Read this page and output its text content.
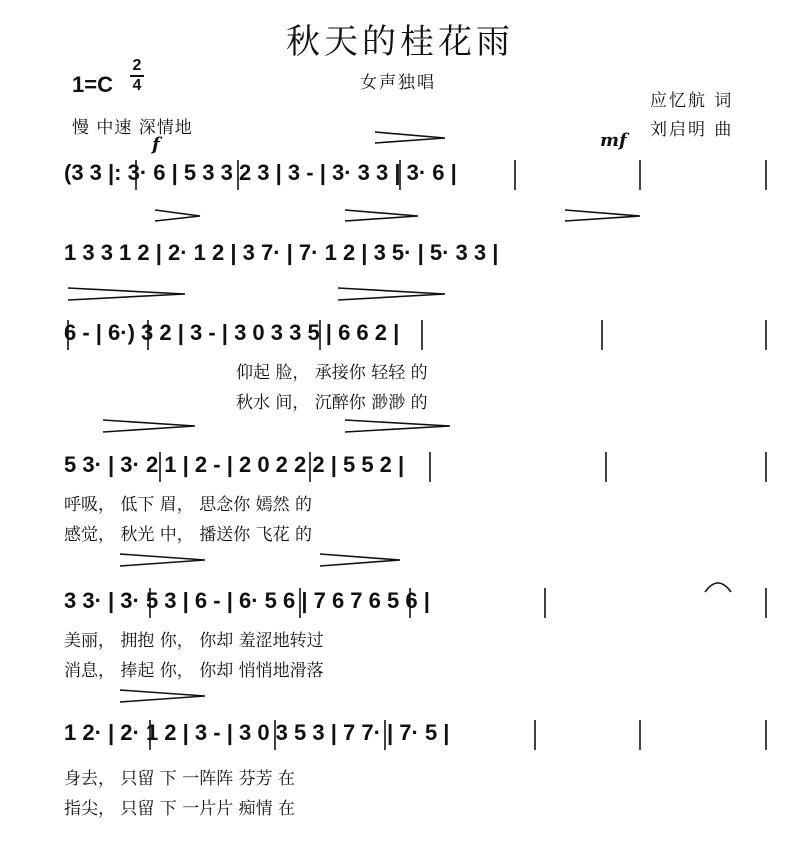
秋天的桂花雨
女声独唱
1=C
2
4
慢 中速 深情地
应忆航 词
刘启明 曲
f	mf
(3 3 |: 3· 6 | 5 3 3 2 3 | 3 - | 3· 3 3 | 3· 6 |
1 3 3 1 2 | 2· 1 2 | 3 7· | 7· 1 2 | 3 5· | 5· 3 3 |
6 - | 6·) 3 2 | 3 - | 3 0 3 3 5 | 6 6 2 |
仰起 脸， 承接你 轻轻 的
秋水 间， 沉醉你 渺渺 的
5 3· | 3· 2 1 | 2 - | 2 0 2 2 2 | 5 5 2 |
呼吸， 低下 眉， 思念你 嫣然 的
感觉， 秋光 中， 播送你 飞花 的
3 3· | 3· 5 3 | 6 - | 6· 5 6 | 7 6 7 6 5 6 |
美丽， 拥抱 你， 你却 羞涩地转过
消息， 捧起 你， 你却 悄悄地滑落
1 2· | 2· 1 2 | 3 - | 3 0 3 5 3 | 7 7· | 7· 5 |
身去， 只留 下 一阵阵 芬芳 在
指尖， 只留 下 一片片 痴情 在
